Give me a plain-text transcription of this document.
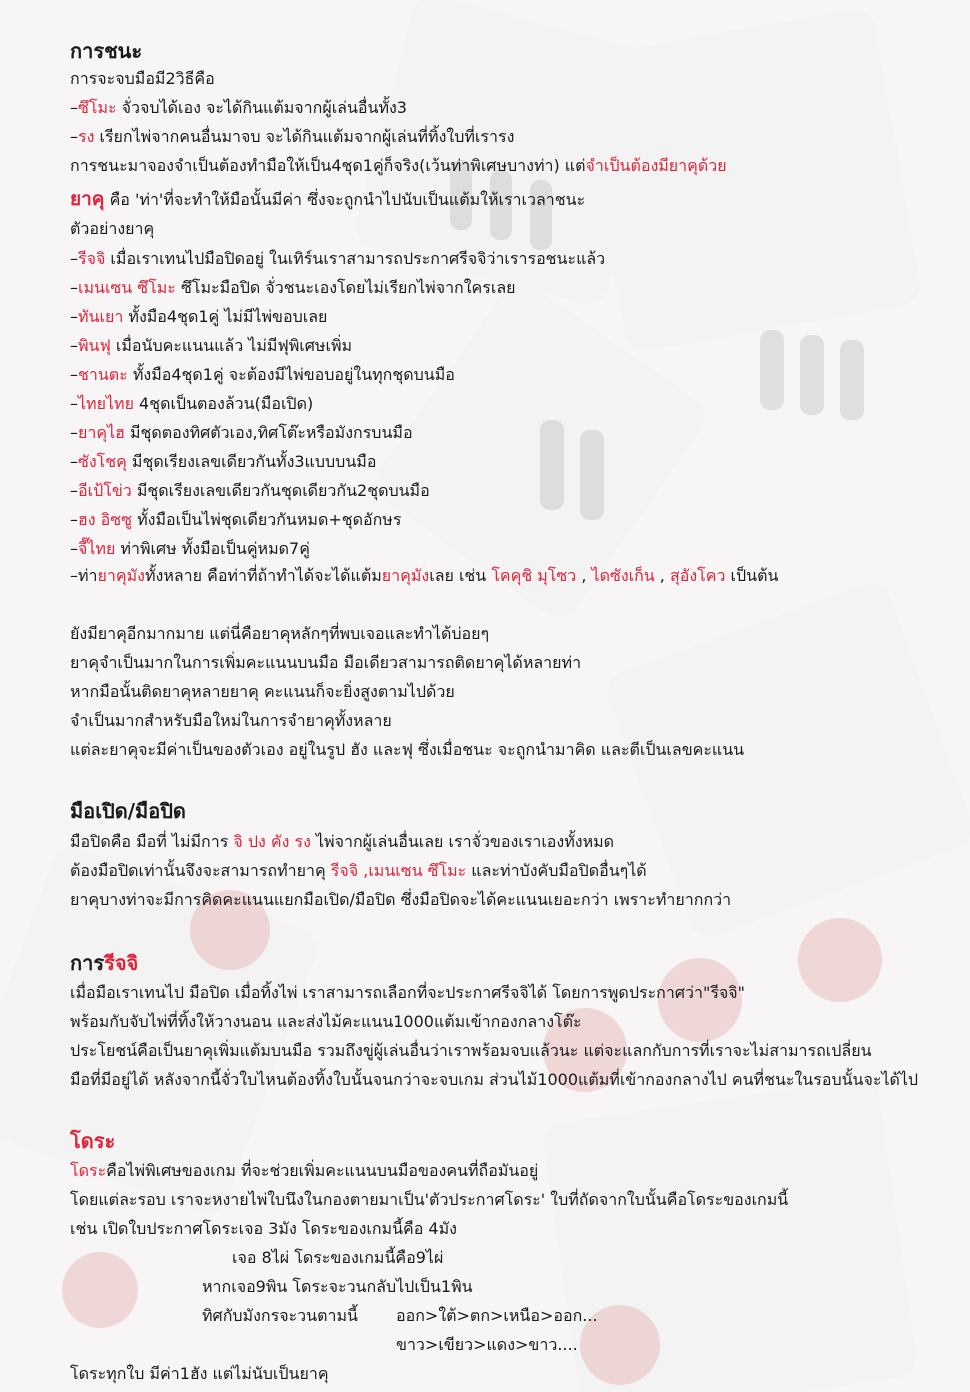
การชนะ
การจะจบมือมี2วิธีคือ
–ซึโมะ จั่วจบได้เอง จะได้กินแต้มจากผู้เล่นอื่นทั้ง3
–รง เรียกไพ่จากคนอื่นมาจบ จะได้กินแต้มจากผู้เล่นที่ทิ้งใบที่เรารง
การชนะมาจองจำเป็นต้องทำมือให้เป็น4ชุด1คู่ก็จริง(เว้นท่าพิเศษบางท่า) แต่จำเป็นต้องมียาคุด้วย
ยาคุ คือ 'ท่า'ที่จะทำให้มือนั้นมีค่า ซึ่งจะถูกนำไปนับเป็นแต้มให้เราเวลาชนะ
ตัวอย่างยาคุ
–รีจจิ เมื่อเราเทนไปมือปิดอยู่ ในเทิร์นเราสามารถประกาศรีจจิว่าเรารอชนะแล้ว
–เมนเซน ซึโมะ ซึโมะมือปิด จั่วชนะเองโดยไม่เรียกไพ่จากใครเลย
–ทันเยา ทั้งมือ4ชุด1คู่ ไม่มีไพ่ขอบเลย
–พินฟุ เมื่อนับคะแนนแล้ว ไม่มีฟุพิเศษเพิ่ม
–ชานตะ ทั้งมือ4ชุด1คู่ จะต้องมีไพ่ขอบอยู่ในทุกชุดบนมือ
–ไทยไทย 4ชุดเป็นตองล้วน(มือเปิด)
–ยาคุไฮ มีชุดตองทิศตัวเอง,ทิศโต๊ะหรือมังกรบนมือ
–ซังโชคุ มีชุดเรียงเลขเดียวกันทั้ง3แบบบนมือ
–อีเป้โข่ว มีชุดเรียงเลขเดียวกันชุดเดียวกัน2ชุดบนมือ
–ฮง อิซซู ทั้งมือเป็นไพ่ชุดเดียวกันหมด+ชุดอักษร
–จี๊ไทย ท่าพิเศษ ทั้งมือเป็นคู่หมด7คู่
–ท่ายาคุมังทั้งหลาย คือท่าที่ถ้าทำได้จะได้แต้มยาคุมังเลย เช่น โคคุชิ มุโซว , ไดซังเก็น , สุอังโคว เป็นต้น
ยังมียาคุอีกมากมาย แต่นี่คือยาคุหลักๆที่พบเจอและทำได้บ่อยๆ
ยาคุจำเป็นมากในการเพิ่มคะแนนบนมือ มือเดียวสามารถติดยาคุได้หลายท่า
หากมือนั้นติดยาคุหลายยาคุ คะแนนก็จะยิ่งสูงตามไปด้วย
จำเป็นมากสำหรับมือใหม่ในการจำยาคุทั้งหลาย
แต่ละยาคุจะมีค่าเป็นของตัวเอง อยู่ในรูป ฮัง และฟุ ซึ่งเมื่อชนะ จะถูกนำมาคิด และตีเป็นเลขคะแนน
มือเปิด/มือปิด
มือปิดคือ มือที่ ไม่มีการ จิ ปง คัง รง ไพ่จากผู้เล่นอื่นเลย เราจั่วของเราเองทั้งหมด
ต้องมือปิดเท่านั้นจึงจะสามารถทำยาคุ รีจจิ ,เมนเซน ซึโมะ และท่าบังคับมือปิดอื่นๆได้
ยาคุบางท่าจะมีการคิดคะแนนแยกมือเปิด/มือปิด ซึ่งมือปิดจะได้คะแนนเยอะกว่า เพราะทำยากกว่า
การรีจจิ
เมื่อมือเราเทนไป มือปิด เมื่อทิ้งไพ่ เราสามารถเลือกที่จะประกาศรีจจิได้ โดยการพูดประกาศว่า"รีจจิ"
พร้อมกับจับไพ่ที่ทิ้งให้วางนอน และส่งไม้คะแนน1000แต้มเข้ากองกลางโต๊ะ
ประโยชน์คือเป็นยาคุเพิ่มแต้มบนมือ รวมถึงขู่ผู้เล่นอื่นว่าเราพร้อมจบแล้วนะ แต่จะแลกกับการที่เราจะไม่สามารถเปลี่ยน
มือที่มีอยู่ได้ หลังจากนี้จั่วใบไหนต้องทิ้งใบนั้นจนกว่าจะจบเกม ส่วนไม้1000แต้มที่เข้ากองกลางไป คนที่ชนะในรอบนั้นจะได้ไป
โดระ
โดระคือไพ่พิเศษของเกม ที่จะช่วยเพิ่มคะแนนบนมือของคนที่ถือมันอยู่
โดยแต่ละรอบ เราจะหงายไพ่ใบนึงในกองตายมาเป็น'ตัวประกาศโดระ' ใบที่ถัดจากใบนั้นคือโดระของเกมนี้
เช่น เปิดใบประกาศโดระเจอ 3มัง โดระของเกมนี้คือ 4มัง
เจอ 8ไผ่ โดระของเกมนี้คือ9ไผ่
หากเจอ9พิน โดระจะวนกลับไปเป็น1พิน
ทิศกับมังกรจะวนตามนี้ ออก>ใต้>ตก>เหนือ>ออก...
ขาว>เขียว>แดง>ขาว....
โดระทุกใบ มีค่า1ฮัง แต่ไม่นับเป็นยาคุ
